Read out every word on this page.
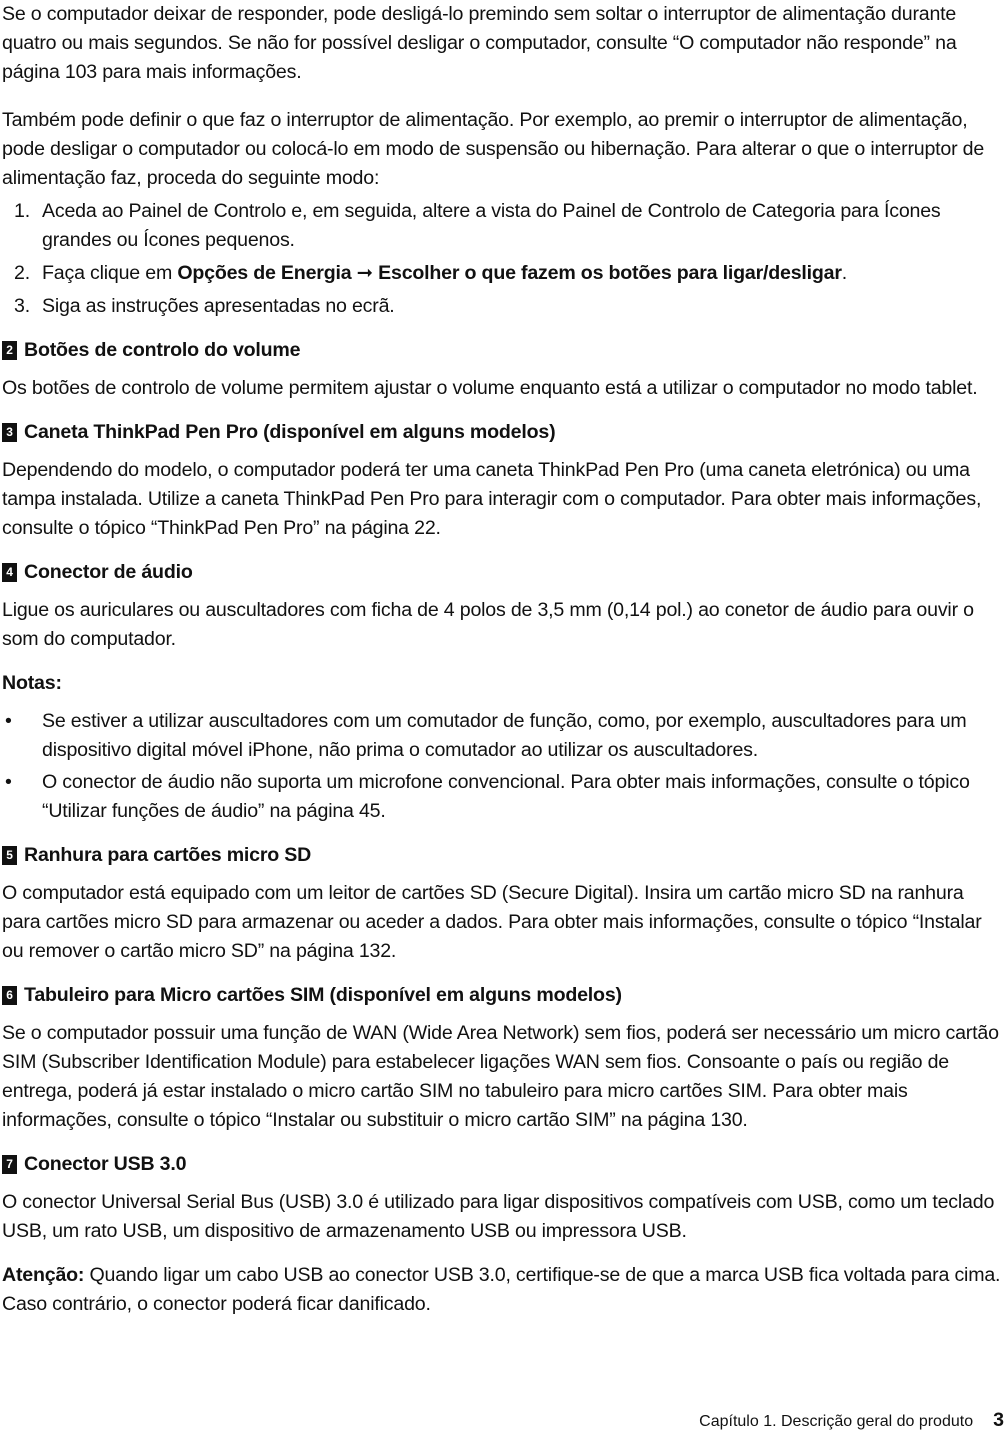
Se o computador deixar de responder, pode desligá-lo premindo sem soltar o interruptor de alimentação durante quatro ou mais segundos. Se não for possível desligar o computador, consulte “O computador não responde” na página 103 para mais informações.

Também pode definir o que faz o interruptor de alimentação. Por exemplo, ao premir o interruptor de alimentação, pode desligar o computador ou colocá-lo em modo de suspensão ou hibernação. Para alterar o que o interruptor de alimentação faz, proceda do seguinte modo:

1. Aceda ao Painel de Controlo e, em seguida, altere a vista do Painel de Controlo de Categoria para Ícones grandes ou Ícones pequenos.
2. Faça clique em Opções de Energia ➞ Escolher o que fazem os botões para ligar/desligar.
3. Siga as instruções apresentadas no ecrã.
2 Botões de controlo do volume

Os botões de controlo de volume permitem ajustar o volume enquanto está a utilizar o computador no modo tablet.

3 Caneta ThinkPad Pen Pro (disponível em alguns modelos)

Dependendo do modelo, o computador poderá ter uma caneta ThinkPad Pen Pro (uma caneta eletrónica) ou uma tampa instalada. Utilize a caneta ThinkPad Pen Pro para interagir com o computador. Para obter mais informações, consulte o tópico “ThinkPad Pen Pro” na página 22.

4 Conector de áudio

Ligue os auriculares ou auscultadores com ficha de 4 polos de 3,5 mm (0,14 pol.) ao conetor de áudio para ouvir o som do computador.

Notas:

• Se estiver a utilizar auscultadores com um comutador de função, como, por exemplo, auscultadores para um dispositivo digital móvel iPhone, não prima o comutador ao utilizar os auscultadores.
• O conector de áudio não suporta um microfone convencional. Para obter mais informações, consulte o tópico “Utilizar funções de áudio” na página 45.
5 Ranhura para cartões micro SD

O computador está equipado com um leitor de cartões SD (Secure Digital). Insira um cartão micro SD na ranhura para cartões micro SD para armazenar ou aceder a dados. Para obter mais informações, consulte o tópico “Instalar ou remover o cartão micro SD” na página 132.

6 Tabuleiro para Micro cartões SIM (disponível em alguns modelos)

Se o computador possuir uma função de WAN (Wide Area Network) sem fios, poderá ser necessário um micro cartão SIM (Subscriber Identification Module) para estabelecer ligações WAN sem fios. Consoante o país ou região de entrega, poderá já estar instalado o micro cartão SIM no tabuleiro para micro cartões SIM. Para obter mais informações, consulte o tópico “Instalar ou substituir o micro cartão SIM” na página 130.

7 Conector USB 3.0

O conector Universal Serial Bus (USB) 3.0 é utilizado para ligar dispositivos compatíveis com USB, como um teclado USB, um rato USB, um dispositivo de armazenamento USB ou impressora USB.

Atenção: Quando ligar um cabo USB ao conector USB 3.0, certifique-se de que a marca USB fica voltada para cima. Caso contrário, o conector poderá ficar danificado.

Capítulo 1. Descrição geral do produto 3
